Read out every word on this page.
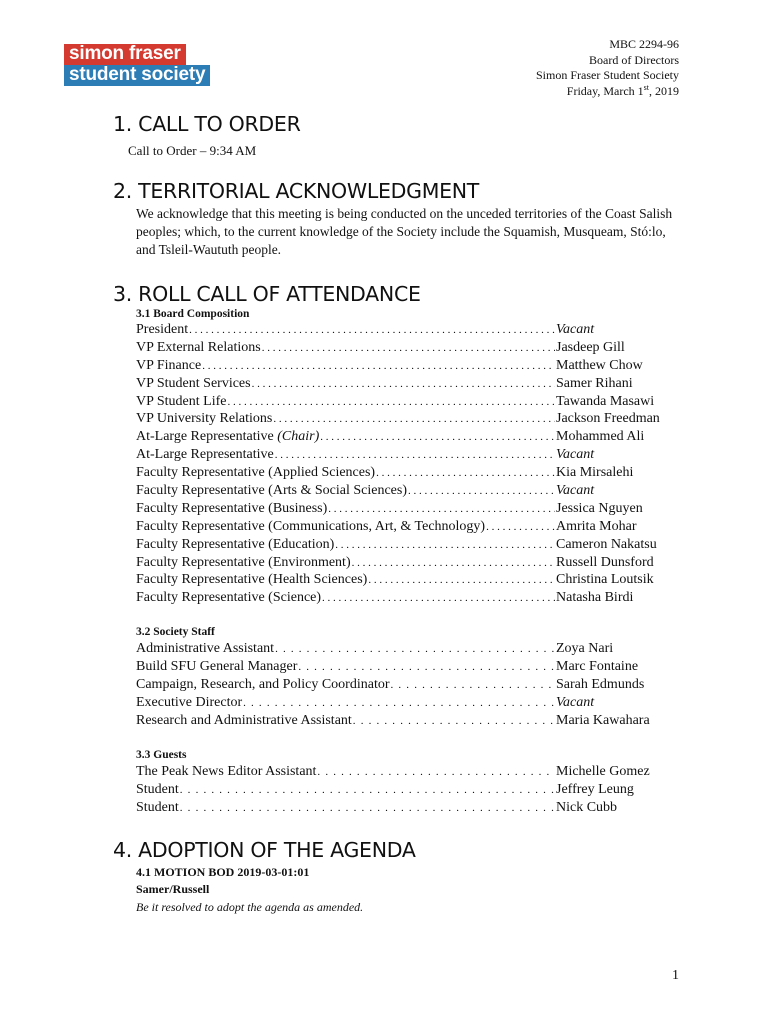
simon fraser
student society
MBC 2294-96
Board of Directors
Simon Fraser Student Society
Friday, March 1st, 2019
1. CALL TO ORDER
Call to Order – 9:34 AM
2. TERRITORIAL ACKNOWLEDGMENT
We acknowledge that this meeting is being conducted on the unceded territories of the Coast Salish peoples; which, to the current knowledge of the Society include the Squamish, Musqueam, Stó:lo, and Tsleil-Waututh people.
3. ROLL CALL OF ATTENDANCE
3.1 Board Composition
President . . .	Vacant
VP External Relations . . .	Jasdeep Gill
VP Finance . . .	Matthew Chow
VP Student Services . . .	Samer Rihani
VP Student Life . . .	Tawanda Masawi
VP University Relations . . .	Jackson Freedman
At-Large Representative (Chair) . . .	Mohammed Ali
At-Large Representative . . .	Vacant
Faculty Representative (Applied Sciences) . . .	Kia Mirsalehi
Faculty Representative (Arts & Social Sciences) . . .	Vacant
Faculty Representative (Business) . . .	Jessica Nguyen
Faculty Representative (Communications, Art, & Technology) . . .	Amrita Mohar
Faculty Representative (Education) . . .	Cameron Nakatsu
Faculty Representative (Environment) . . .	Russell Dunsford
Faculty Representative (Health Sciences) . . .	Christina Loutsik
Faculty Representative (Science) . . .	Natasha Birdi
3.2 Society Staff
Administrative Assistant . . .	Zoya Nari
Build SFU General Manager . . .	Marc Fontaine
Campaign, Research, and Policy Coordinator . . .	Sarah Edmunds
Executive Director . . .	Vacant
Research and Administrative Assistant . . .	Maria Kawahara
3.3 Guests
The Peak News Editor Assistant . . .	Michelle Gomez
Student . . .	Jeffrey Leung
Student . . .	Nick Cubb
4. ADOPTION OF THE AGENDA
4.1 MOTION BOD 2019-03-01:01
Samer/Russell
Be it resolved to adopt the agenda as amended.
1
